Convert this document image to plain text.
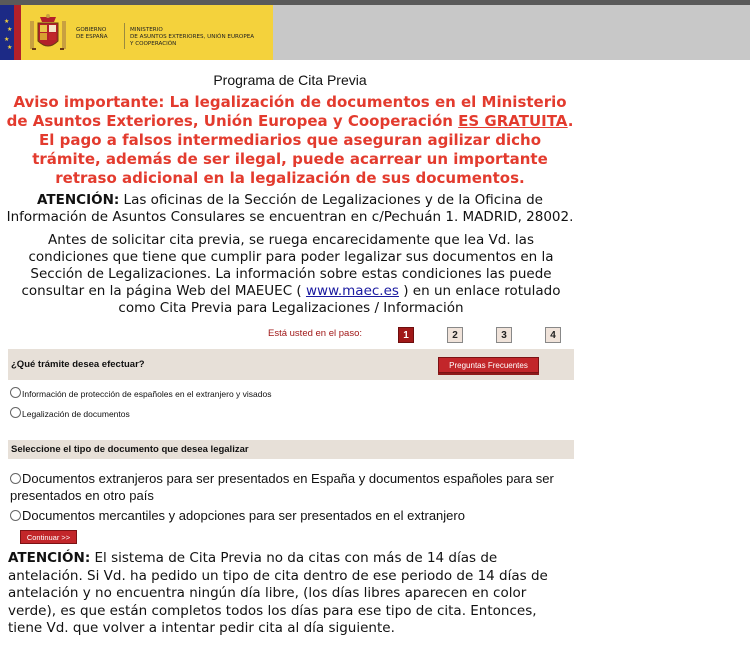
★
★
★
★
GOBIERNO
DE ESPAÑA
MINISTERIO
DE ASUNTOS EXTERIORES, UNIÓN EUROPEA
Y COOPERACIÓN
Programa de Cita Previa
Aviso importante: La legalización de documentos en el Ministerio de Asuntos Exteriores, Unión Europea y Cooperación ES GRATUITA. El pago a falsos intermediarios que aseguran agilizar dicho trámite, además de ser ilegal, puede acarrear un importante retraso adicional en la legalización de sus documentos.
ATENCIÓN: Las oficinas de la Sección de Legalizaciones y de la Oficina de Información de Asuntos Consulares se encuentran en c/Pechuán 1. MADRID, 28002.
Antes de solicitar cita previa, se ruega encarecidamente que lea Vd. las condiciones que tiene que cumplir para poder legalizar sus documentos en la Sección de Legalizaciones. La información sobre estas condiciones las puede consultar en la página Web del MAEUEC ( www.maec.es ) en un enlace rotulado como Cita Previa para Legalizaciones / Información
Está usted en el paso:	1	2	3	4
¿Qué trámite desea efectuar?	Preguntas Frecuentes
Información de protección de españoles en el extranjero y visados
Legalización de documentos
Seleccione el tipo de documento que desea legalizar
Documentos extranjeros para ser presentados en España y documentos españoles para ser presentados en otro país
Documentos mercantiles y adopciones para ser presentados en el extranjero
Continuar >>
ATENCIÓN: El sistema de Cita Previa no da citas con más de 14 días de antelación. Si Vd. ha pedido un tipo de cita dentro de ese periodo de 14 días de antelación y no encuentra ningún día libre, (los días libres aparecen en color verde), es que están completos todos los días para ese tipo de cita. Entonces, tiene Vd. que volver a intentar pedir cita al día siguiente.
